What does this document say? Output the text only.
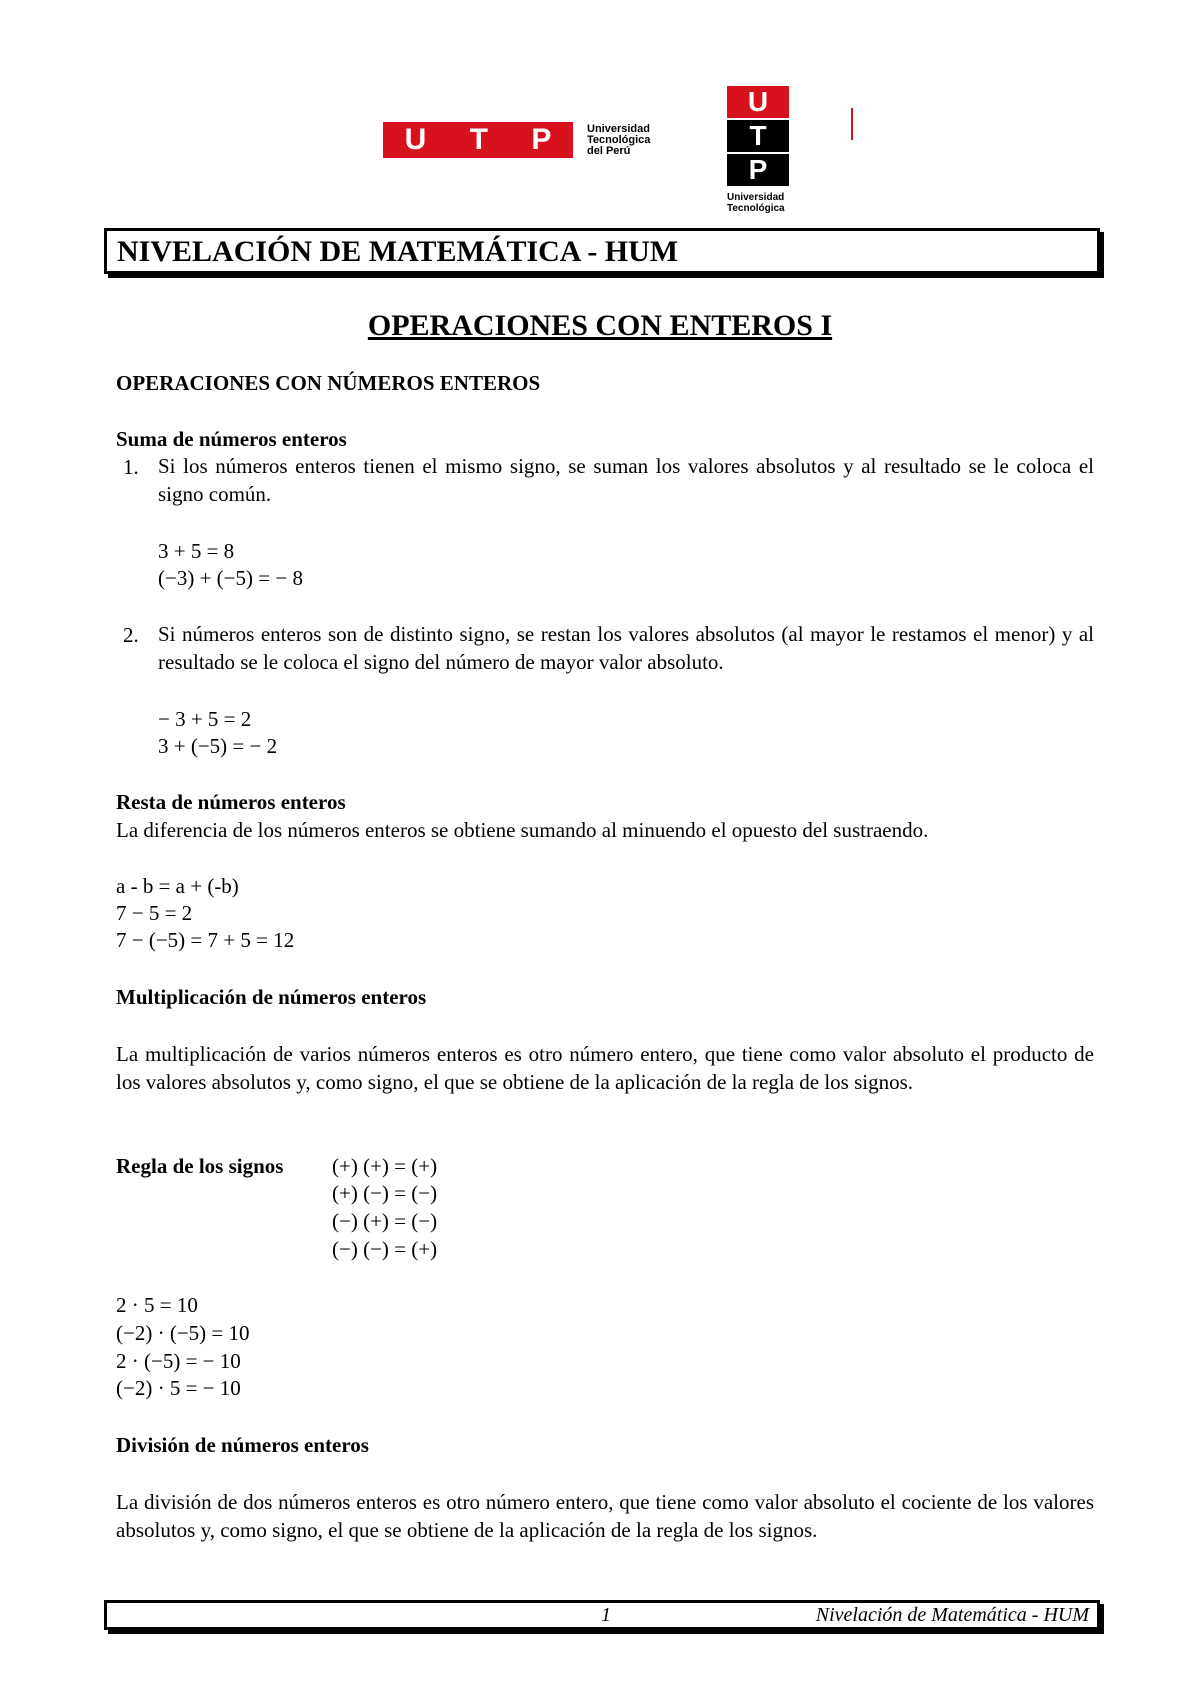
U T P	Universidad
Tecnológica
del Perú
U
T
P
Universidad
Tecnológica
NIVELACIÓN DE MATEMÁTICA - HUM
OPERACIONES CON ENTEROS I
OPERACIONES CON NÚMEROS ENTEROS
Suma de números enteros
1. Si los números enteros tienen el mismo signo, se suman los valores absolutos y al resultado se le coloca el signo común.
3 + 5 = 8
(−3) + (−5) = − 8
2. Si números enteros son de distinto signo, se restan los valores absolutos (al mayor le restamos el menor) y al resultado se le coloca el signo del número de mayor valor absoluto.
− 3 + 5 = 2
3 + (−5) = − 2
Resta de números enteros
La diferencia de los números enteros se obtiene sumando al minuendo el opuesto del sustraendo.
a - b = a + (-b)
7 − 5 = 2
7 − (−5) = 7 + 5 = 12
Multiplicación de números enteros
La multiplicación de varios números enteros es otro número entero, que tiene como valor absoluto el producto de los valores absolutos y, como signo, el que se obtiene de la aplicación de la regla de los signos.
Regla de los signos (+) (+) = (+)
(+) (−) = (−)
(−) (+) = (−)
(−) (−) = (+)
2 · 5 = 10
(−2) · (−5) = 10
2 · (−5) = − 10
(−2) · 5 = − 10
División de números enteros
La división de dos números enteros es otro número entero, que tiene como valor absoluto el cociente de los valores absolutos y, como signo, el que se obtiene de la aplicación de la regla de los signos.
1	Nivelación de Matemática - HUM
